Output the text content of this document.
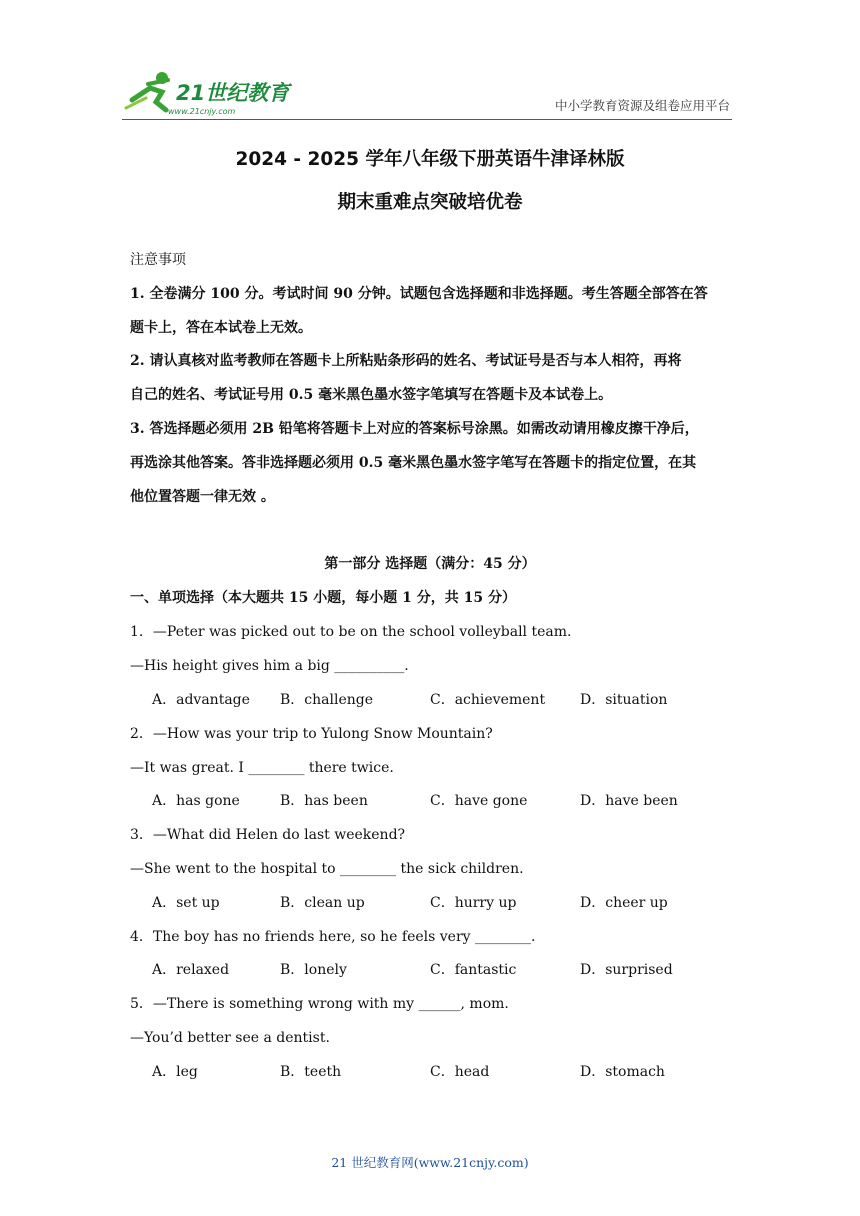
21世纪教育
www.21cnjy.com	中小学教育资源及组卷应用平台
2024 - 2025 学年八年级下册英语牛津译林版
期末重难点突破培优卷
注意事项
1. 全卷满分 100 分。考试时间 90 分钟。试题包含选择题和非选择题。考生答题全部答在答
题卡上，答在本试卷上无效。
2. 请认真核对监考教师在答题卡上所粘贴条形码的姓名、考试证号是否与本人相符，再将
自己的姓名、考试证号用 0.5 毫米黑色墨水签字笔填写在答题卡及本试卷上。
3. 答选择题必须用 2B 铅笔将答题卡上对应的答案标号涂黑。如需改动请用橡皮擦干净后，
再选涂其他答案。答非选择题必须用 0.5 毫米黑色墨水签字笔写在答题卡的指定位置，在其
他位置答题一律无效 。
第一部分 选择题（满分：45 分）
一、单项选择（本大题共 15 小题，每小题 1 分，共 15 分）
1．—Peter was picked out to be on the school volleyball team.
—His height gives him a big __________.
A．advantage B．challenge	C．achievement D．situation
2．—How was your trip to Yulong Snow Mountain?
—It was great. I ________ there twice.
A．has gone	B．has been	C．have gone	D．have been
3．—What did Helen do last weekend?
—She went to the hospital to ________ the sick children.
A．set up	B．clean up	C．hurry up	D．cheer up
4．The boy has no friends here, so he feels very ________.
A．relaxed	B．lonely	C．fantastic	D．surprised
5．—There is something wrong with my ______, mom.
—You’d better see a dentist.
A．leg	B．teeth	C．head	D．stomach
21 世纪教育网(www.21cnjy.com)
